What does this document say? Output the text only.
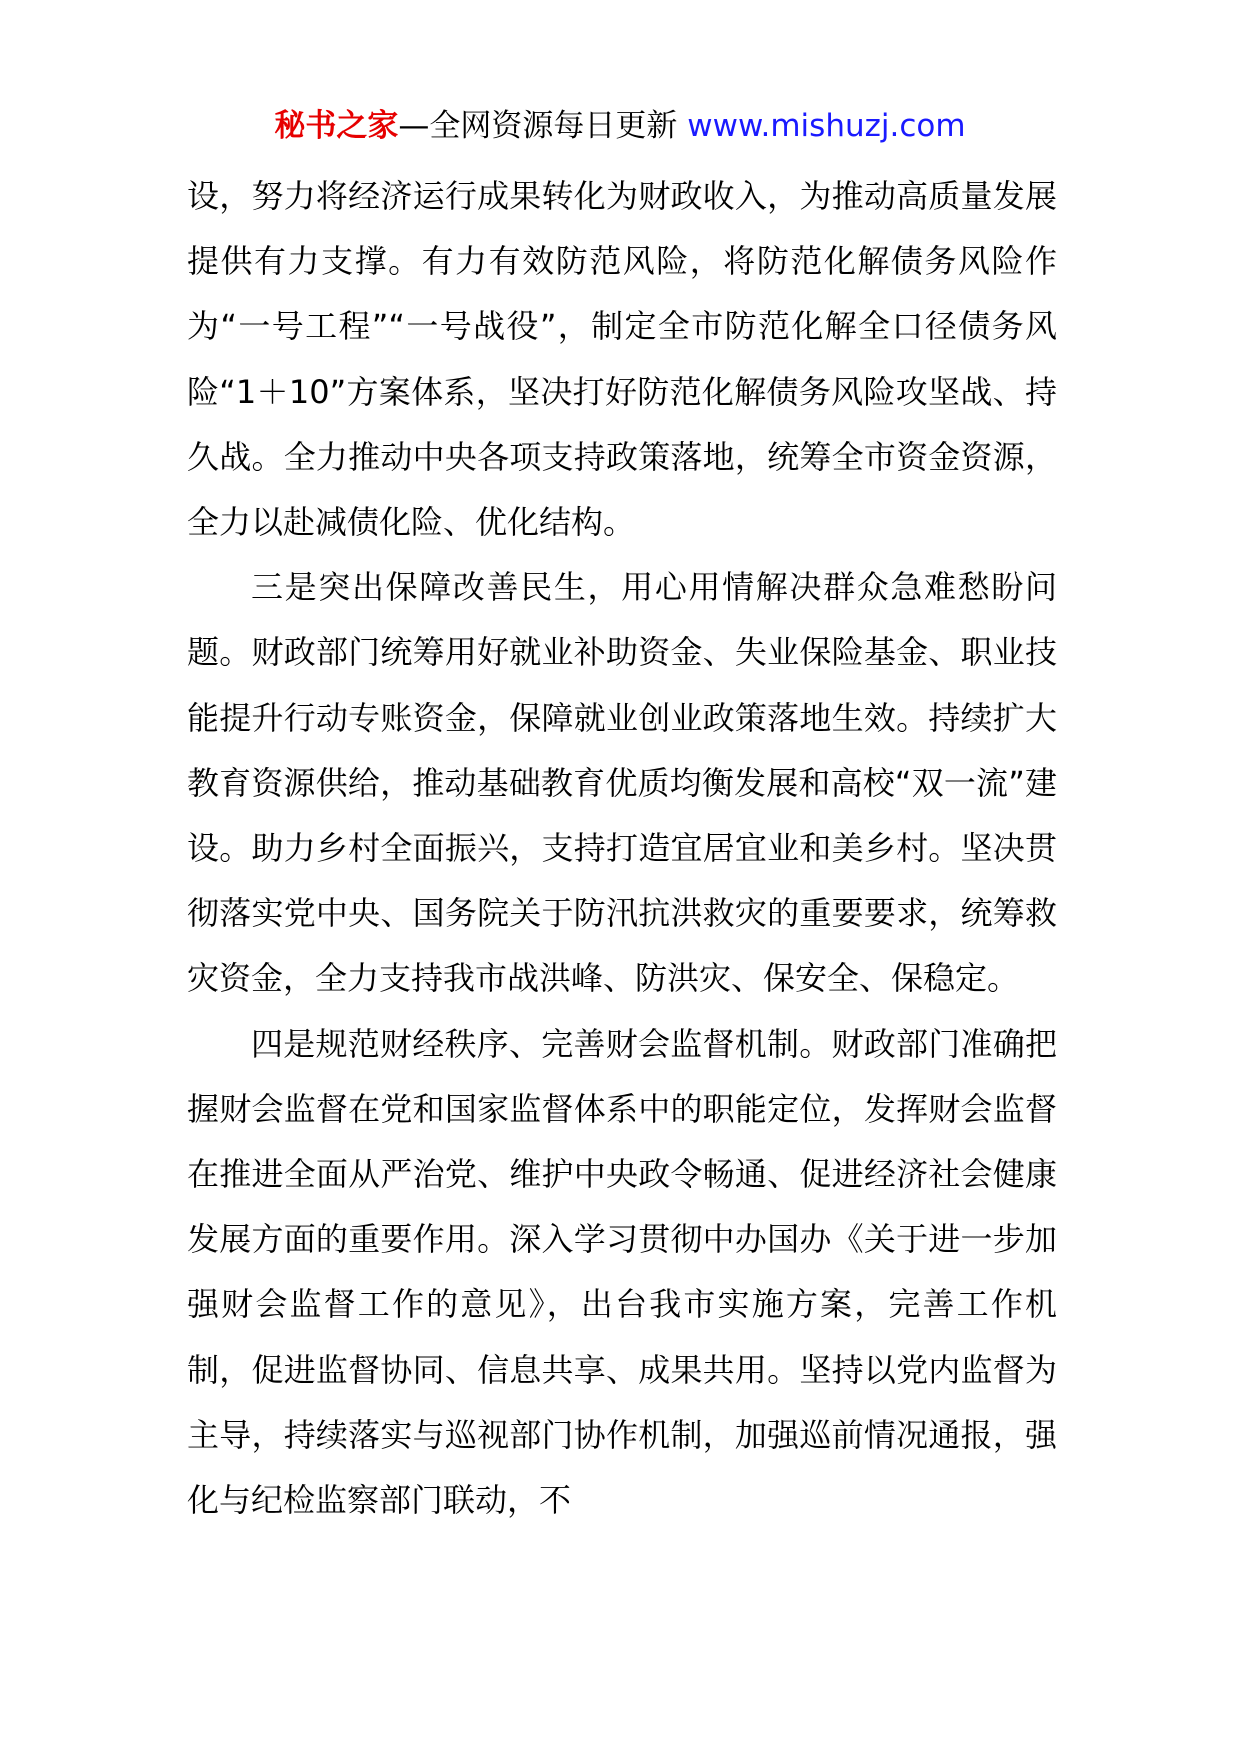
秘书之家—全网资源每日更新 www.mishuzj.com

设，努力将经济运行成果转化为财政收入，为推动高质量发展提供有力支撑。有力有效防范风险，将防范化解债务风险作为“一号工程”“一号战役”，制定全市防范化解全口径债务风险“1＋10”方案体系，坚决打好防范化解债务风险攻坚战、持久战。全力推动中央各项支持政策落地，统筹全市资金资源，全力以赴减债化险、优化结构。

三是突出保障改善民生，用心用情解决群众急难愁盼问题。财政部门统筹用好就业补助资金、失业保险基金、职业技能提升行动专账资金，保障就业创业政策落地生效。持续扩大教育资源供给，推动基础教育优质均衡发展和高校“双一流”建设。助力乡村全面振兴，支持打造宜居宜业和美乡村。坚决贯彻落实党中央、国务院关于防汛抗洪救灾的重要要求，统筹救灾资金，全力支持我市战洪峰、防洪灾、保安全、保稳定。

四是规范财经秩序、完善财会监督机制。财政部门准确把握财会监督在党和国家监督体系中的职能定位，发挥财会监督在推进全面从严治党、维护中央政令畅通、促进经济社会健康发展方面的重要作用。深入学习贯彻中办国办《关于进一步加强财会监督工作的意见》，出台我市实施方案，完善工作机制，促进监督协同、信息共享、成果共用。坚持以党内监督为主导，持续落实与巡视部门协作机制，加强巡前情况通报，强化与纪检监察部门联动，不
